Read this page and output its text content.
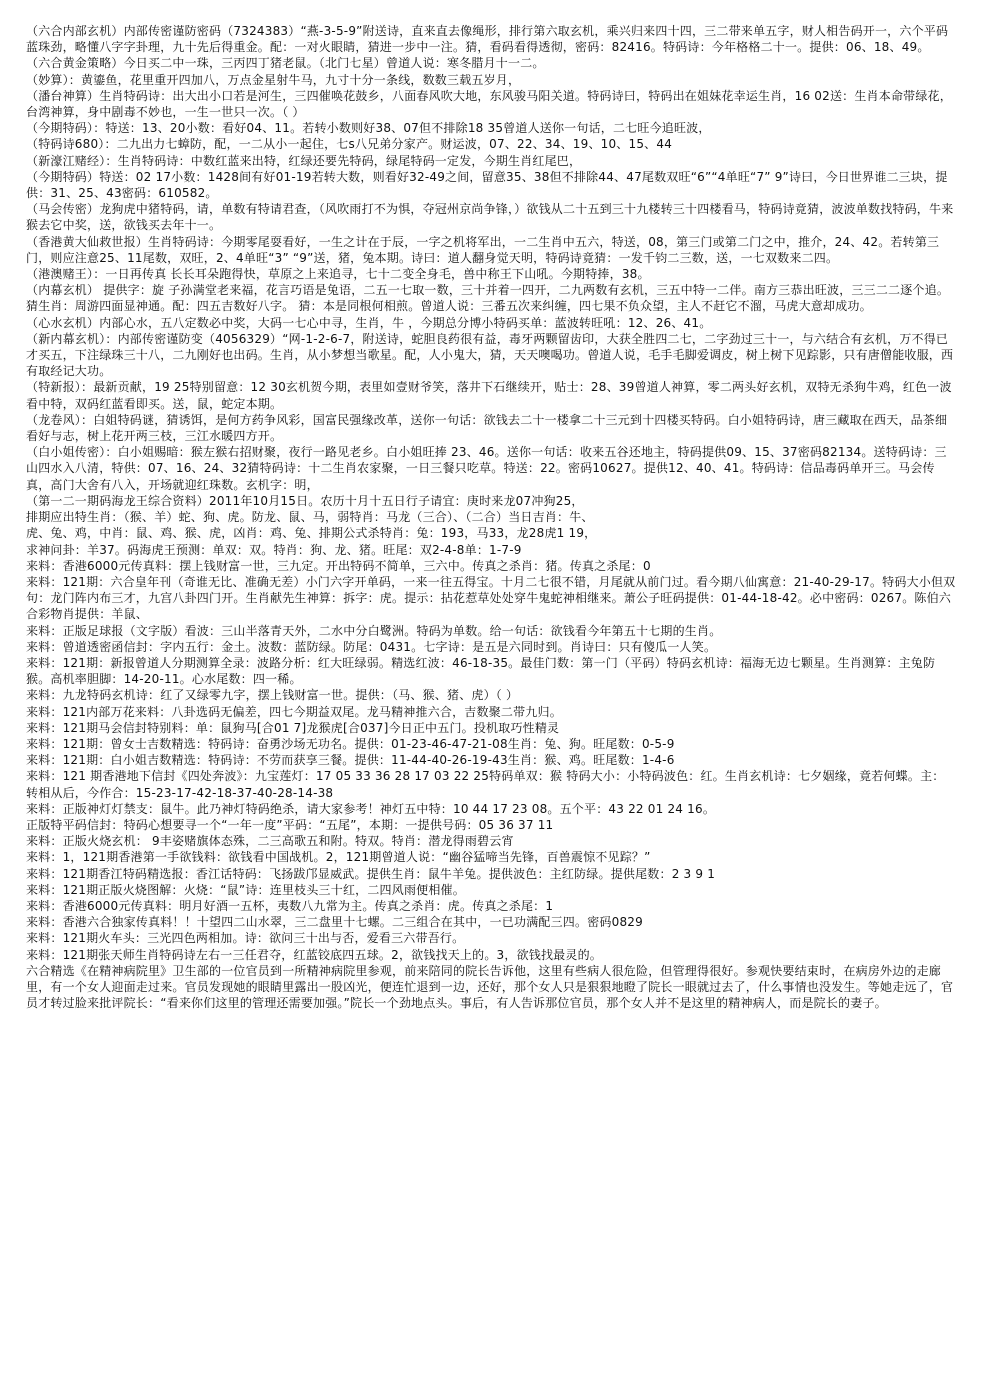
（六合内部玄机）内部传密谨防密码（7324383）“燕-3-5-9”附送诗，直来直去像绳形，排行第六取玄机，乘兴归来四十四，三二带来单五字，财人相告码开一，六个平码蓝珠劲，略懂八字字卦理，九十先后得重金。配：一对火眼睛，猜进一步中一注。猜，看码看得透彻，密码：82416。特码诗：今年格格二十一。提供：06、18、49。

（六合黄金策略）今日买二中一珠，三丙四丁猪老鼠。（北门七星）曾道人说：寒冬腊月十一二。

（妙算）：黄鎏鱼，花里重开四加八，万点金星射牛马，九寸十分一条线，数数三载五岁月，

（潘台神算）生肖特码诗：出大出小口若是河生，三四催唤花鼓乡，八面春风吹大地，东风骏马阳关道。特码诗曰，特码出在姐妹花幸运生肖，16 02送：生肖本命带绿花，台湾神算，身中剧毒不妙也，一生一世只一次。（ ）

（今期特码）：特送：13、20小数：看好04、11。若转小数则好38、07但不排除18 35曾道人送你一句话，二七旺今追旺波，

（特码诗680）：二九出力七蟑防，配，一二从小一起住，七s八兄弟分家产。财运波，07、22、34、19、10、15、44

（新濠江赌经）：生肖特码诗：中数红蓝来出特，红绿还要先特码，绿尾特码一定发，今期生肖红尾巴，

（今期特码）特送：02 17小数：1428间有好01-19若转大数，则看好32-49之间，留意35、38但不排除44、47尾数双旺“6”“4单旺“7” 9”诗曰，今日世界谁二三块，提供：31、25、43密码：610582。

（马会传密）龙狗虎中猪特码，请，单数有特请君查，（风吹雨打不为惧，夺冠州京尚争锋，）欲钱从二十五到三十九楼转三十四楼看马，特码诗竟猜，波波单数找特码，牛来猴去它中奖，送，欲钱买去年十一。

（香港黄大仙救世报）生肖特码诗：今期零尾耍看好，一生之计在于辰，一字之机将军出，一二生肖中五六，特送，08，第三门或第二门之中，推介，24、42。若转第三门，则应注意25、11尾数，双旺，2、4单旺“3” “9”送，猪，兔本期。诗曰：道人翻身觉天明，特码诗竟猜：一发千钧二三数，送，一七双数来二四。

（港澳赌王）：一日再传真 长长耳朵跑得快，草原之上来追寻，七十二变全身毛，兽中称王下山吼。今期特捧，38。

（内幕玄机） 提供字：旋 子孙满堂老来福，花言巧语是兔语，二五一七取一数，三十并着一四开，二九两数有玄机，三五中特一二伴。南方三恭出旺波，三三二二逐个追。猜生肖：周游四面显神通。配：四五吉数好八字。 猜：本是同根何相煎。曾道人说：三番五次来纠缠，四七果不负众望，主人不赶它不溜，马虎大意却成功。

（心水玄机）内部心水，五八定数必中奖，大码一七心中寻，生肖，牛 ，今期总分博小特码买单：蓝波转旺吼：12、26、41。

（新内幕玄机）：内部传密谨防变（4056329）“网-1-2-6-7，附送诗，蛇胆良药很有益，毒牙两颗留齿印，大获全胜四二七，二字劲过三十一，与六结合有玄机，万不得已才买五，下注绿珠三十八，二九刚好也出码。生肖，从小梦想当歌星。配，人小鬼大，猜，天天噢喝功。曾道人说，毛手毛脚爱调皮，树上树下见踪影，只有唐僧能收服，西有取经记大功。

（特新报）：最新贡献，19 25特别留意：12 30玄机贺今期，表里如壹财爷笑，落井下石继续开，贴士：28、39曾道人神算，零二两头好玄机，双特无杀狗牛鸡，红色一波看中特，双码红蓝看即买。送，鼠，蛇定本期。

（龙卷风）：白姐特码谜，猜诱饵，是何方药争风彩，国富民强缘改革，送你一句话：欲钱去二十一楼拿二十三元到十四楼买特码。白小姐特码诗，唐三藏取在西天，品茶细看好与志，树上花开两三枝，三江水暖四方开。

（白小姐传密）：白小姐赐暗：猴左猴右招财聚，夜行一路见老乡。白小姐旺捧 23、46。送你一句话：收来五谷还地主，特码提供09、15、37密码82134。送特码诗：三山四水入八清，特供：07、16、24、32猜特码诗：十二生肖农家聚，一日三餐只吃草。特送：22。密码10627。提供12、40、41。特码诗：信品毒码单开三。马会传真，高门大舍有八入，开场就迎红珠数。玄机字：明，

（第一二一期码海龙王综合资料）2011年10月15日。农历十月十五日行子请宜：庚时来龙07冲狗25，

排期应出特生肖：（猴、羊）蛇、狗、虎。防龙、鼠、马，弱特肖：马龙（三合）、（二合）当日吉肖：牛、

虎、兔、鸡，中肖：鼠、鸡、猴、虎，凶肖：鸡、兔、排期公式杀特肖：兔：193，马33，龙28虎1 19，

求神问卦：羊37。码海虎王预测：单双：双。特肖：狗、龙、猪。旺尾：双2-4-8单：1-7-9

来料：香港6000元传真料：摆上钱财富一世，三九定。开出特码不简单，三六中。传真之杀肖：猪。传真之杀尾：0

来料：121期：六合皇年刊（奇谁无比、准确无差）小门六字开单码，一来一往五得宝。十月二七很不错，月尾就从前门过。看今期八仙寓意：21-40-29-17。特码大小但双句：龙门阵内布三才，九宫八卦四门开。生肖献先生神算：拆字：虎。提示：拈花惹草处处穿牛鬼蛇神相继来。萧公子旺码提供：01-44-18-42。必中密码：0267。陈伯六合彩物肖提供：羊鼠、

来料：正版足球报（文字版）看波：三山半落青天外，二水中分白鹭洲。特码为单数。给一句话：欲钱看今年第五十七期的生肖。

来料：曾道透密函信封：字内五行：金土。波数：蓝防绿。防尾：0431。七字诗：是五是六同时到。肖诗曰：只有傻瓜一人笑。

来料：121期：新报曾道人分期测算全录：波路分析：红大旺绿弱。精选红波：46-18-35。最佳门数：第一门（平码）特码玄机诗：福海无边七颗星。生肖测算：主兔防猴。高机率胆脚：14-20-11。心水尾数：四一稀。

来料：九龙特码玄机诗：红了又绿零九字，摆上钱财富一世。提供：（马、猴、猪、虎）（ ）

来料：121内部万花来料：八卦选码无偏差，四七今期益双尾。龙马精神推六合，吉数聚二带九归。

来料：121期马会信封特别料：单：鼠狗马[合01 7]龙猴虎[合037]今日正中五门。投机取巧性精灵

来料：121期：曾女士吉数精选：特码诗：奋勇沙场无功名。提供：01-23-46-47-21-08生肖：兔、狗。旺尾数：0-5-9

来料：121期：白小姐吉数精选：特码诗：不劳而获享三餐。提供：11-44-40-26-19-43生肖：猴、鸡。旺尾数：1-4-6

来料：121 期香港地下信封《四处奔波》：九宝莲灯：17 05 33 36 28 17 03 22 25特码单双：猴 特码大小：小特码波色：红。生肖玄机诗：七夕姻缘，竟若何蝶。主：转相从后，今作合：15-23-17-42-18-37-40-28-14-38

来料：正版神灯灯禁支：鼠牛。此乃神灯特码绝杀，请大家参考！神灯五中特：10 44 17 23 08。五个平：43 22 01 24 16。

正版特平码信封：特码心想要寻一个“一年一度”平码：“五尾”，本期：一提供号码：05 36 37 11

来料：正版火烧玄机： 9丰姿赌旗体态殊，二三高歌五和附。特双。特肖：潜龙得雨碧云宵

来料：1，121期香港第一手欲钱料：欲钱看中国战机。2，121期曾道人说：“幽谷猛啼当先锋，百兽震惊不见踪？”

来料：121期香江特码精选报：香江话特码：飞扬跋邝显威武。提供生肖：鼠牛羊兔。提供波色：主红防绿。提供尾数：2 3 9 1

来料：121期正版火烧图解：火烧：“鼠”诗：连里枝头三十红，二四风雨便相催。

来料：香港6000元传真料：明月好酒一五杯，夷数八九常为主。传真之杀肖：虎。传真之杀尾：1

来料：香港六合独家传真料！！十望四二山水翠，三二盘里十七螺。二三组合在其中，一已功满配三四。密码0829

来料：121期火车头：三光四色两相加。诗：欲问三十出与否，爱看三六带吾行。

来料：121期张天师生肖特码诗左右一三任君夺，红蓝铰底四五球。2，欲钱找天上的。3，欲钱找最灵的。

六合精选《在精神病院里》卫生部的一位官员到一所精神病院里参观，前来陪同的院长告诉他，这里有些病人很危险，但管理得很好。参观快要结束时，在病房外边的走廊里，有一个女人迎面走过来。官员发现她的眼睛里露出一股凶光，便连忙退到一边，还好，那个女人只是狠狠地瞪了院长一眼就过去了，什么事情也没发生。等她走远了，官员才转过脸来批评院长：“看来你们这里的管理还需要加强。”院长一个劲地点头。事后，有人告诉那位官员，那个女人并不是这里的精神病人，而是院长的妻子。
